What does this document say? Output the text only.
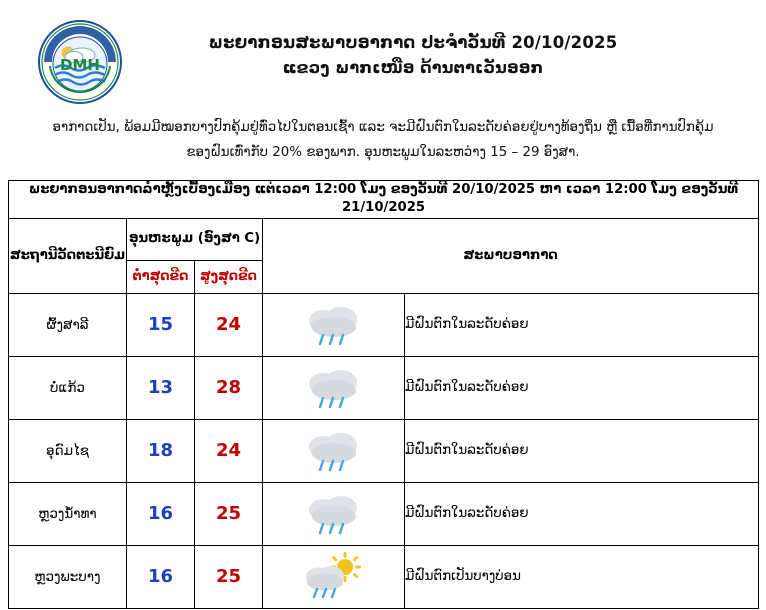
DMH
ພະຍາກອນສະພາບອາກາດ ປະຈຳວັນທີ 20/10/2025
ແຂວງ ພາກເໜືອ ດ້ານຕາເວັນອອກ

ອາກາດເປັນ, ພ້ອມມີໝອກບາງປົກຄຸ້ມຢູ່ທົ່ວໄປໃນຕອນເຊົ້າ ແລະ ຈະມີຝົນຕົກໃນລະດັບຄ່ອຍຢູ່ບາງທ້ອງຖິ່ນ ຫຼື ເນື້ອທີ່ການປົກຄຸ້ມຂອງຝົນເທົ່າກັບ 20% ຂອງພາກ. ອຸນຫະພູມໃນລະຫວ່າງ 15 – 29 ອົງສາ.

ພະຍາກອນອາກາດລຳຫຼັງເບື້ອງເມືອງ ແຕ່ເວລາ 12:00 ໂມງ ຂອງວັນທີ 20/10/2025 ຫາ ເວລາ 12:00 ໂມງ ຂອງວັນທີ 21/10/2025				
ສະຖານີວັດຕະນີຍົມ	ອຸນຫະພູມ (ອົງສາ C)		ສະພາບອາກາດ	
	ຕ່ຳສຸດຂີດ	ສູງສຸດຂີດ		
ຜົ້ງສາລີ	15	24		ມີຝົນຕົກໃນລະດັບຄ່ອຍ
ບໍ່ແກ້ວ	13	28		ມີຝົນຕົກໃນລະດັບຄ່ອຍ
ອຸດົມໄຊ	18	24		ມີຝົນຕົກໃນລະດັບຄ່ອຍ
ຫຼວງນ້ຳທາ	16	25		ມີຝົນຕົກໃນລະດັບຄ່ອຍ
ຫຼວງພະບາງ	16	25		ມີຝົນຕົກເປັນບາງບ່ອນ
